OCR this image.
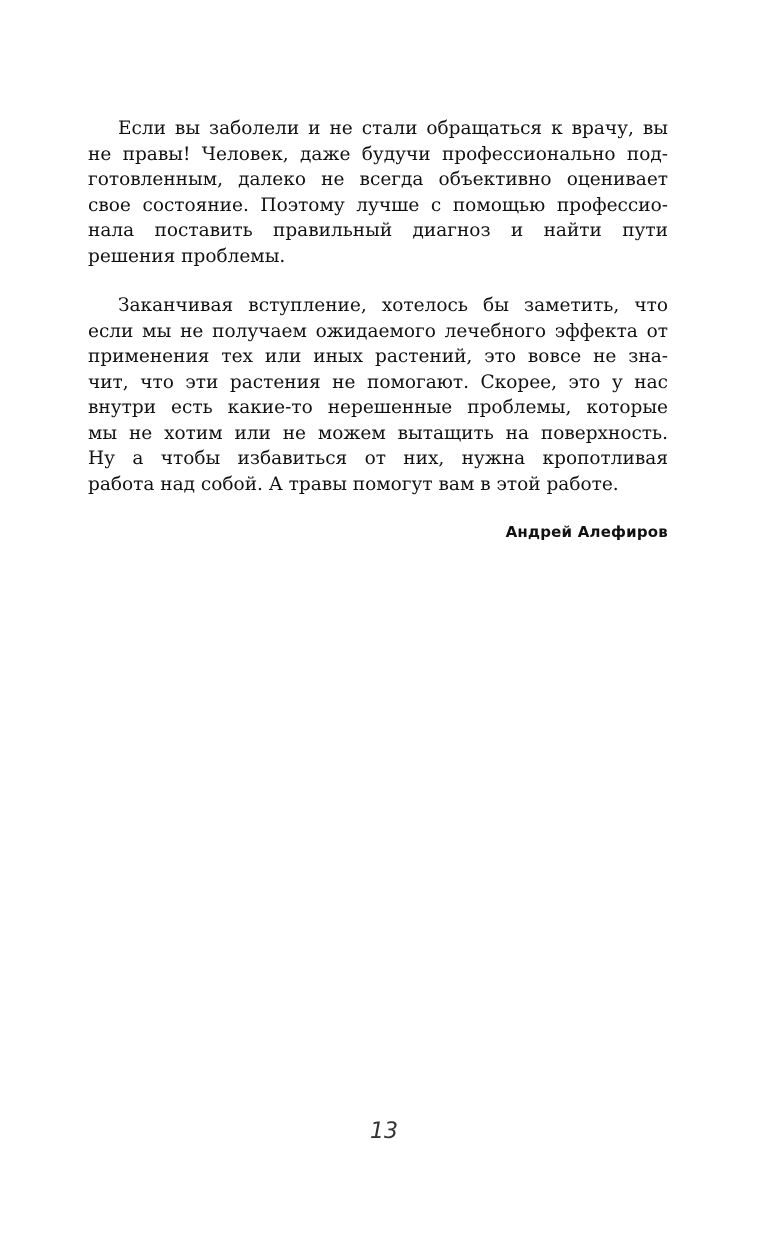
Если вы заболели и не стали обращаться к врачу, вы
не правы! Человек, даже будучи профессионально под-
готовленным, далеко не всегда объективно оценивает
свое состояние. Поэтому лучше с помощью профессио-
нала поставить правильный диагноз и найти пути
решения проблемы.
Заканчивая вступление, хотелось бы заметить, что
если мы не получаем ожидаемого лечебного эффекта от
применения тех или иных растений, это вовсе не зна-
чит, что эти растения не помогают. Скорее, это у нас
внутри есть какие-то нерешенные проблемы, которые
мы не хотим или не можем вытащить на поверхность.
Ну а чтобы избавиться от них, нужна кропотливая
работа над собой. А травы помогут вам в этой работе.
Андрей Алефиров
13
